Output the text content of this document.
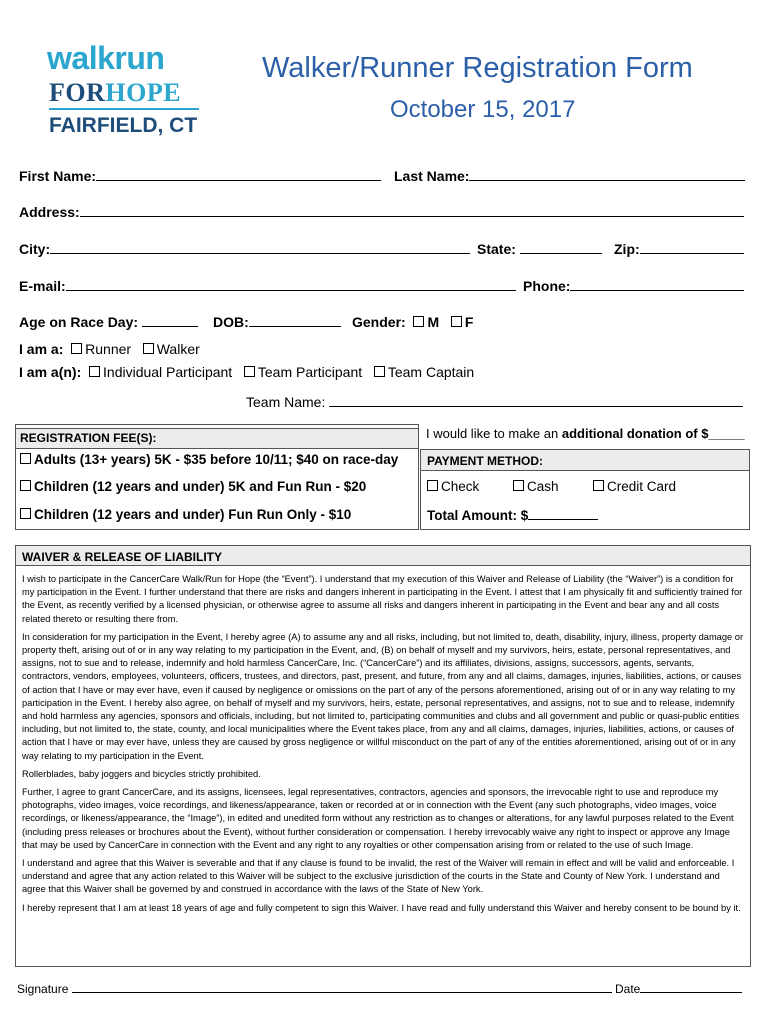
walkrun
FORHOPE
FAIRFIELD, CT
Walker/Runner Registration Form
October 15, 2017
First Name:	Last Name:
Address:
City:	State:	Zip:
E-mail:	Phone:
Age on Race Day:	DOB:	Gender: M F
I am a: Runner Walker
I am a(n): Individual Participant Team Participant Team Captain
Team Name:
REGISTRATION FEE(S):
Adults (13+ years) 5K - $35 before 10/11; $40 on race-day
Children (12 years and under) 5K and Fun Run - $20
Children (12 years and under) Fun Run Only - $10
I would like to make an additional donation of $_____
PAYMENT METHOD:
Check	Cash	Credit Card
Total Amount: $
WAIVER & RELEASE OF LIABILITY

I wish to participate in the CancerCare Walk/Run for Hope (the “Event”). I understand that my execution of this Waiver and Release of Liability (the “Waiver”) is a condition for my participation in the Event. I further understand that there are risks and dangers inherent in participating in the Event. I attest that I am physically fit and sufficiently trained for the Event, as recently verified by a licensed physician, or otherwise agree to assume all risks and dangers inherent in participating in the Event and bear any and all costs related thereto or resulting there from.

In consideration for my participation in the Event, I hereby agree (A) to assume any and all risks, including, but not limited to, death, disability, injury, illness, property damage or property theft, arising out of or in any way relating to my participation in the Event, and, (B) on behalf of myself and my survivors, heirs, estate, personal representatives, and assigns, not to sue and to release, indemnify and hold harmless CancerCare, Inc. (“CancerCare”) and its affiliates, divisions, assigns, successors, agents, servants, contractors, vendors, employees, volunteers, officers, trustees, and directors, past, present, and future, from any and all claims, damages, injuries, liabilities, actions, or causes of action that I have or may ever have, even if caused by negligence or omissions on the part of any of the persons aforementioned, arising out of or in any way relating to my participation in the Event. I hereby also agree, on behalf of myself and my survivors, heirs, estate, personal representatives, and assigns, not to sue and to release, indemnify and hold harmless any agencies, sponsors and officials, including, but not limited to, participating communities and clubs and all government and public or quasi-public entities including, but not limited to, the state, county, and local municipalities where the Event takes place, from any and all claims, damages, injuries, liabilities, actions, or causes of action that I have or may ever have, unless they are caused by gross negligence or willful misconduct on the part of any of the entities aforementioned, arising out of or in any way relating to my participation in the Event.

Rollerblades, baby joggers and bicycles strictly prohibited.

Further, I agree to grant CancerCare, and its assigns, licensees, legal representatives, contractors, agencies and sponsors, the irrevocable right to use and reproduce my photographs, video images, voice recordings, and likeness/appearance, taken or recorded at or in connection with the Event (any such photographs, video images, voice recordings, or likeness/appearance, the “Image”), in edited and unedited form without any restriction as to changes or alterations, for any lawful purposes related to the Event (including press releases or brochures about the Event), without further consideration or compensation. I hereby irrevocably waive any right to inspect or approve any Image that may be used by CancerCare in connection with the Event and any right to any royalties or other compensation arising from or related to the use of such Image.

I understand and agree that this Waiver is severable and that if any clause is found to be invalid, the rest of the Waiver will remain in effect and will be valid and enforceable. I understand and agree that any action related to this Waiver will be subject to the exclusive jurisdiction of the courts in the State and County of New York. I understand and agree that this Waiver shall be governed by and construed in accordance with the laws of the State of New York.

I hereby represent that I am at least 18 years of age and fully competent to sign this Waiver. I have read and fully understand this Waiver and hereby consent to be bound by it.

Signature	Date
